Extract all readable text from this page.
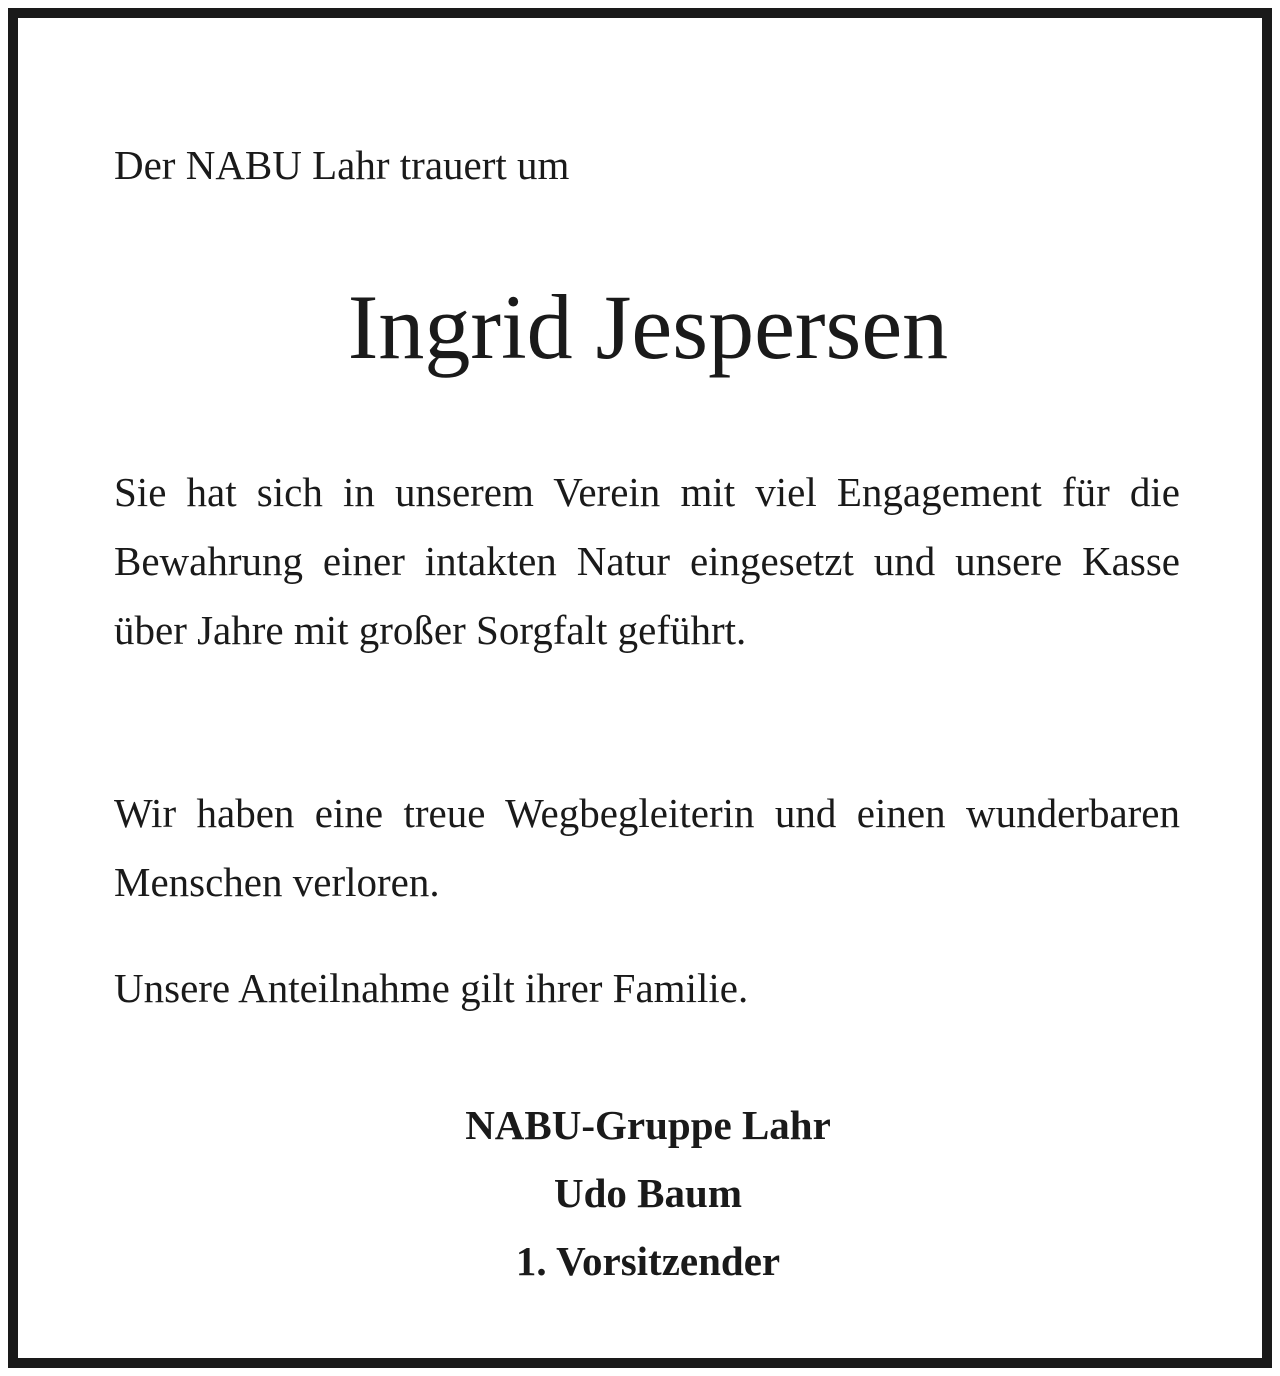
Der NABU Lahr trauert um
Ingrid Jespersen
Sie hat sich in unserem Verein mit viel Engagement für die Bewahrung einer intakten Natur eingesetzt und unsere Kasse über Jahre mit großer Sorgfalt geführt.
Wir haben eine treue Wegbegleiterin und einen wunderbaren Menschen verloren.
Unsere Anteilnahme gilt ihrer Familie.
NABU-Gruppe Lahr
Udo Baum
1. Vorsitzender
